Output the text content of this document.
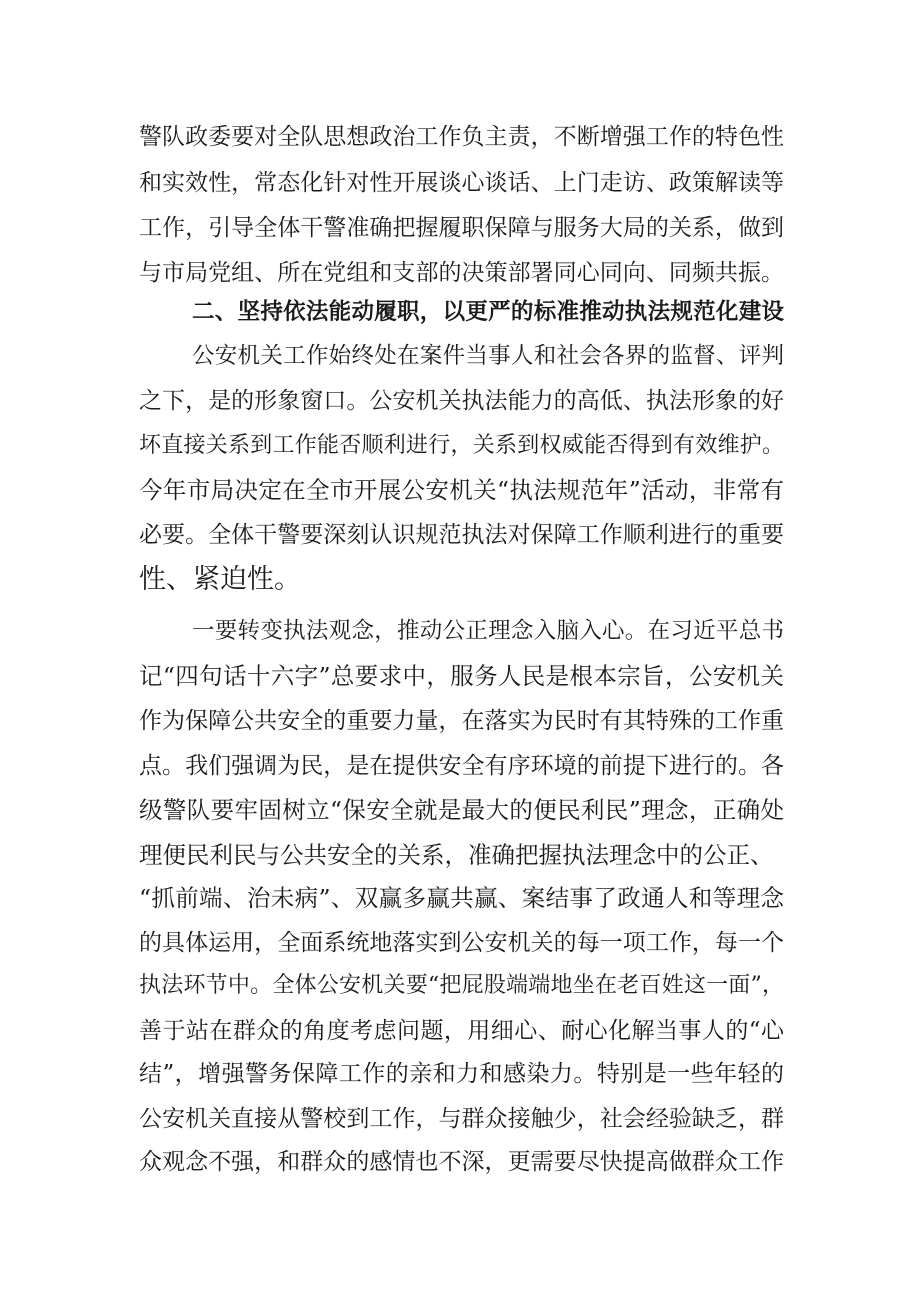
警队政委要对全队思想政治工作负主责，不断增强工作的特色性
和实效性，常态化针对性开展谈心谈话、上门走访、政策解读等
工作，引导全体干警准确把握履职保障与服务大局的关系，做到
与市局党组、所在党组和支部的决策部署同心同向、同频共振。
二、坚持依法能动履职，以更严的标准推动执法规范化建设
公安机关工作始终处在案件当事人和社会各界的监督、评判
之下，是的形象窗口。公安机关执法能力的高低、执法形象的好
坏直接关系到工作能否顺利进行，关系到权威能否得到有效维护。
今年市局决定在全市开展公安机关“执法规范年”活动，非常有
必要。全体干警要深刻认识规范执法对保障工作顺利进行的重要
性、紧迫性。
一要转变执法观念，推动公正理念入脑入心。在习近平总书
记“四句话十六字”总要求中，服务人民是根本宗旨，公安机关
作为保障公共安全的重要力量，在落实为民时有其特殊的工作重
点。我们强调为民，是在提供安全有序环境的前提下进行的。各
级警队要牢固树立“保安全就是最大的便民利民”理念，正确处
理便民利民与公共安全的关系，准确把握执法理念中的公正、
“抓前端、治未病”、双赢多赢共赢、案结事了政通人和等理念
的具体运用，全面系统地落实到公安机关的每一项工作，每一个
执法环节中。全体公安机关要“把屁股端端地坐在老百姓这一面”，
善于站在群众的角度考虑问题，用细心、耐心化解当事人的“心
结”，增强警务保障工作的亲和力和感染力。特别是一些年轻的
公安机关直接从警校到工作，与群众接触少，社会经验缺乏，群
众观念不强，和群众的感情也不深，更需要尽快提高做群众工作
